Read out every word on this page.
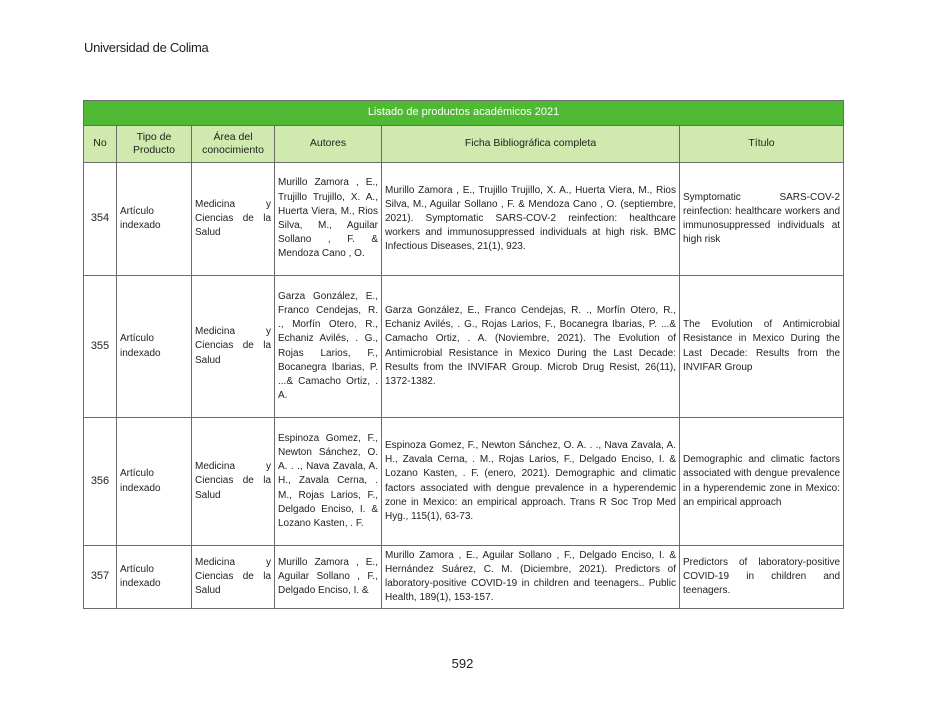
Universidad de Colima
Listado de productos académicos 2021					
No	Tipo de Producto	Área del conocimiento	Autores	Ficha Bibliográfica completa	Título
354	Artículo indexado	Medicina y Ciencias de la Salud	Murillo Zamora , E., Trujillo Trujillo, X. A., Huerta Viera, M., Rios Silva, M., Aguilar Sollano , F. & Mendoza Cano , O.	Murillo Zamora , E., Trujillo Trujillo, X. A., Huerta Viera, M., Rios Silva, M., Aguilar Sollano , F. & Mendoza Cano , O. (septiembre, 2021). Symptomatic SARS-COV-2 reinfection: healthcare workers and immunosuppressed individuals at high risk. BMC Infectious Diseases, 21(1), 923.	Symptomatic SARS-COV-2 reinfection: healthcare workers and immunosuppressed individuals at high risk
355	Artículo indexado	Medicina y Ciencias de la Salud	Garza González, E., Franco Cendejas, R. ., Morfín Otero, R., Echaniz Avilés, . G., Rojas Larios, F., Bocanegra Ibarias, P. ...& Camacho Ortiz, . A.	Garza González, E., Franco Cendejas, R. ., Morfín Otero, R., Echaniz Avilés, . G., Rojas Larios, F., Bocanegra Ibarias, P. ...& Camacho Ortiz, . A. (Noviembre, 2021). The Evolution of Antimicrobial Resistance in Mexico During the Last Decade: Results from the INVIFAR Group. Microb Drug Resist, 26(11), 1372-1382.	The Evolution of Antimicrobial Resistance in Mexico During the Last Decade: Results from the INVIFAR Group
356	Artículo indexado	Medicina y Ciencias de la Salud	Espinoza Gomez, F., Newton Sánchez, O. A. . ., Nava Zavala, A. H., Zavala Cerna, . M., Rojas Larios, F., Delgado Enciso, I. & Lozano Kasten, . F.	Espinoza Gomez, F., Newton Sánchez, O. A. . ., Nava Zavala, A. H., Zavala Cerna, . M., Rojas Larios, F., Delgado Enciso, I. & Lozano Kasten, . F. (enero, 2021). Demographic and climatic factors associated with dengue prevalence in a hyperendemic zone in Mexico: an empirical approach. Trans R Soc Trop Med Hyg., 115(1), 63-73.	Demographic and climatic factors associated with dengue prevalence in a hyperendemic zone in Mexico: an empirical approach
357	Artículo indexado	Medicina y Ciencias de la Salud	Murillo Zamora , E., Aguilar Sollano , F., Delgado Enciso, I. &	Murillo Zamora , E., Aguilar Sollano , F., Delgado Enciso, I. & Hernández Suárez, C. M. (Diciembre, 2021). Predictors of laboratory-positive COVID-19 in children and teenagers.. Public Health, 189(1), 153-157.	Predictors of laboratory-positive COVID-19 in children and teenagers.
592
